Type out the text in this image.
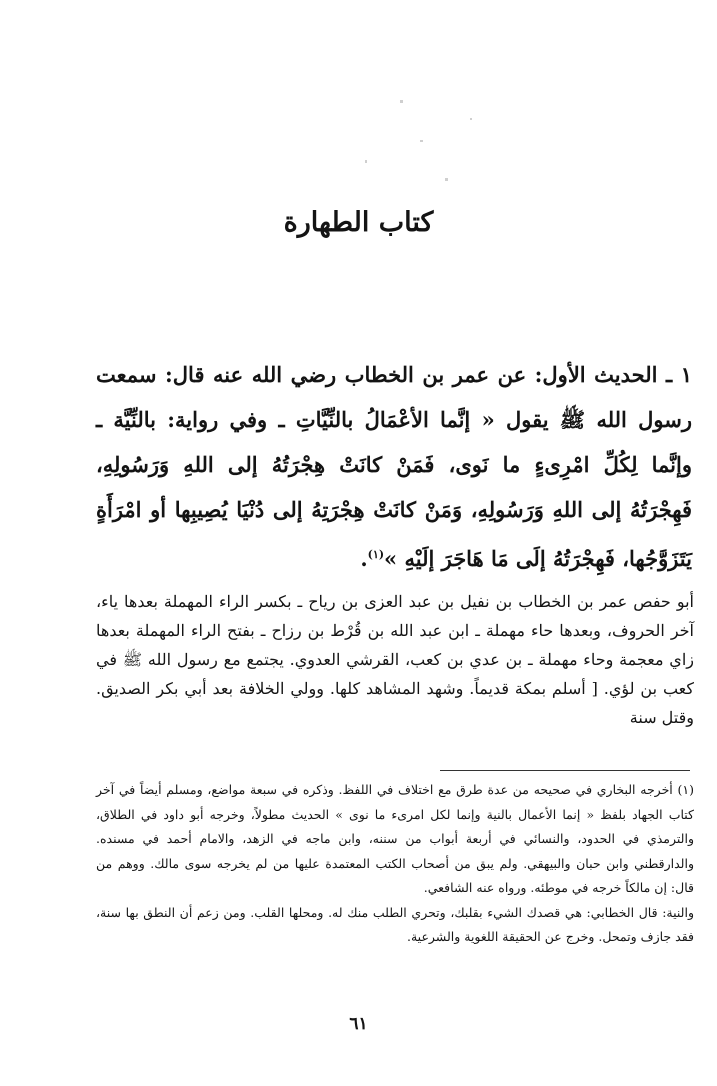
كتاب الطهارة

١ ـ الحديث الأول: عن عمر بن الخطاب رضي الله عنه قال: سمعت رسول الله ﷺ يقول « إنَّما الأعْمَالُ بالنِّيَّاتِ ـ وفي رواية: بالنِّيَّة ـ وإنَّما لِكُلِّ امْرِىءٍ ما نَوى، فَمَنْ كانَتْ هِجْرَتُهُ إلى اللهِ وَرَسُولِهِ، فَهِجْرَتُهُ إلى اللهِ وَرَسُولِهِ، وَمَنْ كانَتْ هِجْرَتِهُ إلى دُنْيَا يُصِيبِها أو امْرَأَةٍ يَتَزَوَّجُها، فَهِجْرَتُهُ إلَى مَا هَاجَرَ إلَيْهِ »$^{(١)}$.

أبو حفص عمر بن الخطاب بن نفيل بن عبد العزى بن رياح ـ بكسر الراء المهملة بعدها ياء، آخر الحروف، وبعدها حاء مهملة ـ ابن عبد الله بن قُرْط بن رزاح ـ بفتح الراء المهملة بعدها زاي معجمة وحاء مهملة ـ بن عدي بن كعب، القرشي العدوي. يجتمع مع رسول الله ﷺ في كعب بن لؤي. [ أسلم بمكة قديماً. وشهد المشاهد كلها. وولي الخلافة بعد أبي بكر الصديق. وقتل سنة

(١) أخرجه البخاري في صحيحه من عدة طرق مع اختلاف في اللفظ. وذكره في سبعة مواضع، ومسلم أيضاً في آخر كتاب الجهاد بلفظ « إنما الأعمال بالنية وإنما لكل امرىء ما نوى » الحديث مطولاً، وخرجه أبو داود في الطلاق، والترمذي في الحدود، والنسائي في أربعة أبواب من سننه، وابن ماجه في الزهد، والامام أحمد في مسنده. والدارقطني وابن حبان والبيهقي. ولم يبق من أصحاب الكتب المعتمدة عليها من لم يخرجه سوى مالك. ووهم من قال: إن مالكاً خرجه في موطئه. ورواه عنه الشافعي.

والنية: قال الخطابي: هي قصدك الشيء بقلبك، وتحري الطلب منك له. ومحلها القلب. ومن زعم أن النطق بها سنة، فقد جازف وتمحل. وخرج عن الحقيقة اللغوية والشرعية.

٦١
